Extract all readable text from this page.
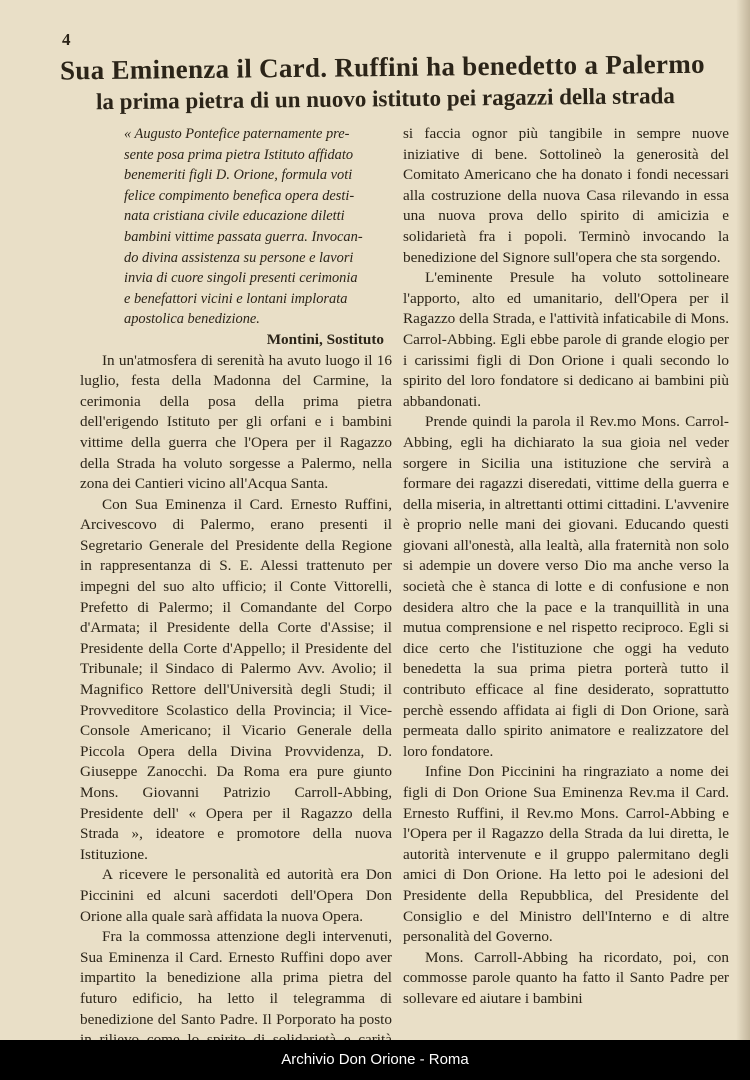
4
Sua Eminenza il Card. Ruffini ha benedetto a Palermo
la prima pietra di un nuovo istituto pei ragazzi della strada
« Augusto Pontefice paternamente pre-
sente posa prima pietra Istituto affidato
benemeriti figli D. Orione, formula voti
felice compimento benefica opera desti-
nata cristiana civile educazione diletti
bambini vittime passata guerra. Invocan-
do divina assistenza su persone e lavori
invia di cuore singoli presenti cerimonia
e benefattori vicini e lontani implorata
apostolica benedizione.

Montini, Sostituto

In un'atmosfera di serenità ha avuto luogo il 16 luglio, festa della Madonna del Carmine, la cerimonia della posa della prima pietra dell'erigendo Istituto per gli orfani e i bambini vittime della guerra che l'Opera per il Ragazzo della Strada ha voluto sorgesse a Palermo, nella zona dei Cantieri vicino all'Acqua Santa.

Con Sua Eminenza il Card. Ernesto Ruffini, Arcivescovo di Palermo, erano presenti il Segretario Generale del Presidente della Regione in rappresentanza di S. E. Alessi trattenuto per impegni del suo alto ufficio; il Conte Vittorelli, Prefetto di Palermo; il Comandante del Corpo d'Armata; il Presidente della Corte d'Assise; il Presidente della Corte d'Appello; il Presidente del Tribunale; il Sindaco di Palermo Avv. Avolio; il Magnifico Rettore dell'Università degli Studi; il Provveditore Scolastico della Provincia; il Vice-Console Americano; il Vicario Generale della Piccola Opera della Divina Provvidenza, D. Giuseppe Zanocchi. Da Roma era pure giunto Mons. Giovanni Patrizio Carroll-Abbing, Presidente dell' « Opera per il Ragazzo della Strada », ideatore e promotore della nuova Istituzione.

A ricevere le personalità ed autorità era Don Piccinini ed alcuni sacerdoti dell'Opera Don Orione alla quale sarà affidata la nuova Opera.

Fra la commossa attenzione degli intervenuti, Sua Eminenza il Card. Ernesto Ruffini dopo aver impartito la benedizione alla prima pietra del futuro edificio, ha letto il telegramma di benedizione del Santo Padre. Il Porporato ha posto

si faccia ognor più tangibile in sempre nuove iniziative di bene. Sottolineò la generosità del Comitato Americano che ha donato i fondi necessari alla costruzione della nuova Casa rilevando in essa una nuova prova dello spirito di amicizia e solidarietà fra i popoli. Terminò invocando la benedizione del Signore sull'opera che sta sorgendo.

L'eminente Presule ha voluto sottolineare l'apporto, alto ed umanitario, dell'Opera per il Ragazzo della Strada, e l'attività infaticabile di Mons. Carrol-Abbing. Egli ebbe parole di grande elogio per i carissimi figli di Don Orione i quali secondo lo spirito del loro fondatore si dedicano ai bambini più abbandonati.

Prende quindi la parola il Rev.mo Mons. Carrol-Abbing, egli ha dichiarato la sua gioia nel veder sorgere in Sicilia una istituzione che servirà a formare dei ragazzi diseredati, vittime della guerra e della miseria, in altrettanti ottimi cittadini. L'avvenire è proprio nelle mani dei giovani. Educando questi giovani all'onestà, alla lealtà, alla fraternità non solo si adempie un dovere verso Dio ma anche verso la società che è stanca di lotte e di confusione e non desidera altro che la pace e la tranquillità in una mutua comprensione e nel rispetto reciproco. Egli si dice certo che l'istituzione che oggi ha veduto benedetta la sua prima pietra porterà tutto il contributo efficace al fine desiderato, soprattutto perchè essendo affidata ai figli di Don Orione, sarà permeata dallo spirito animatore e realizzatore del loro fondatore.

Infine Don Piccinini ha ringraziato a nome dei figli di Don Orione Sua Eminenza Rev.ma il Card. Ernesto Ruffini, il Rev.mo Mons. Carrol-Abbing e l'Opera per il Ragazzo della Strada da lui diretta, le autorità intervenute e il gruppo palermitano degli amici di Don Orione. Ha letto poi le adesioni del Presidente della Repubblica, del Presidente del Consiglio e del Ministro dell'Interno e di altre personalità del Governo.

Mons. Carroll-Abbing ha ricordato, poi, con commosse parole quanto ha fatto il Santo Padre per sollevare ed aiutare i bambini

Archivio Don Orione - Roma
